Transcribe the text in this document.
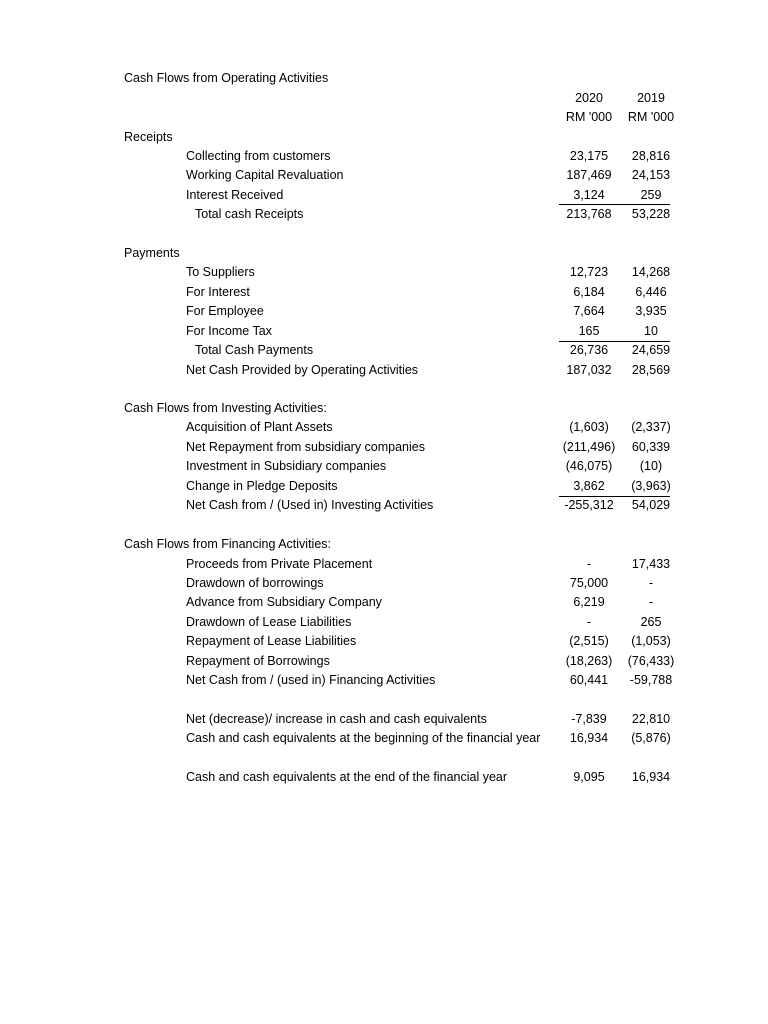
Cash Flows from Operating Activities
2020	2019
RM '000	RM '000
Receipts
Collecting from customers	23,175	28,816
Working Capital Revaluation	187,469	24,153
Interest Received	3,124	259
Total cash Receipts	213,768	53,228
Payments
To Suppliers	12,723	14,268
For Interest	6,184	6,446
For Employee	7,664	3,935
For Income Tax	165	10
Total Cash Payments	26,736	24,659
Net Cash Provided by Operating Activities	187,032	28,569
Cash Flows from Investing Activities:
Acquisition of Plant Assets	(1,603)	(2,337)
Net Repayment from subsidiary companies	(211,496)	60,339
Investment in Subsidiary companies	(46,075)	(10)
Change in Pledge Deposits	3,862	(3,963)
Net Cash from / (Used in) Investing Activities	-255,312	54,029
Cash Flows from Financing Activities:
Proceeds from Private Placement	-	17,433
Drawdown of borrowings	75,000	-
Advance from Subsidiary Company	6,219	-
Drawdown of Lease Liabilities	-	265
Repayment of Lease Liabilities	(2,515)	(1,053)
Repayment of Borrowings	(18,263)	(76,433)
Net Cash from / (used in) Financing Activities	60,441	-59,788
Net (decrease)/ increase in cash and cash equivalents	-7,839	22,810
Cash and cash equivalents at the beginning of the financial year	16,934	(5,876)
Cash and cash equivalents at the end of the financial year	9,095	16,934
